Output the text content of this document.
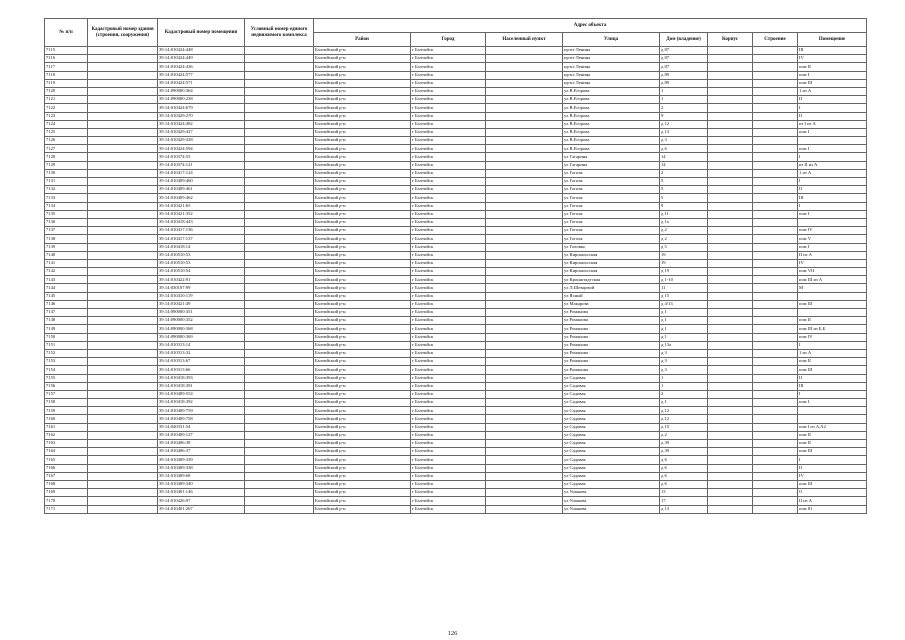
№ п/п	Кадастровый номер здания (строения, сооружения)	Кадастровый номер помещения	Условный номер единого недвижимого комплекса	Адрес объекта							
				Район	Город	Населенный пункт	Улица	Дом (владение)	Корпус	Строение	Помещение
7115		39:14:010424:448		Балтийский р-н	г Балтийск		пр-кт Ленина	д 87			III
7116		39:14:010424:449		Балтийский р-н	г Балтийск		пр-кт Ленина	д 87			IV
7117		39:14:010424:436		Балтийский р-н	г Балтийск		пр-кт Ленина	д 87			пом II
7118		39:14:010424:577		Балтийский р-н	г Балтийск		пр-кт Ленина	д 89			пом I
7119		39:14:010424:571		Балтийский р-н	г Балтийск		пр-кт Ленина	д 89			пом III
7120		39:14:090000:364		Балтийский р-н	г Балтийск		ул В.Егорова	1			1 из А
7121		39:14:090000:238		Балтийский р-н	г Балтийск		ул В.Егорова	1			II
7122		39:14:010424:679		Балтийский р-н	г Балтийск		ул В.Егорова	2			I
7123		39:14:010429:270		Балтийский р-н	г Балтийск		ул В.Егорова	9			II
7124		39:14:010424:482		Балтийский р-н	г Балтийск		ул В.Егорова	д 12			из I из А
7125		39:14:010429:427		Балтийский р-н	г Балтийск		ул В.Егорова	д 13			пом I
7126		39:14:010429:328		Балтийский р-н	г Балтийск		ул В.Егорова	д 3			
7127		39:14:010424:594		Балтийский р-н	г Балтийск		ул В.Егорова	д 6			пом I
7128		39:14:010374:55		Балтийский р-н	г Балтийск		ул Гагарина	14			I
7129		39:14:010374:121		Балтийский р-н	г Балтийск		ул Гагарина	14			из II из А
7130		39:14:010417:124		Балтийский р-н	г Балтийск		ул Гоголя	2			1 из А
7131		39:14:010409:460		Балтийский р-н	г Балтийск		ул Гоголя	5			I
7132		39:14:010409:461		Балтийский р-н	г Балтийск		ул Гоголя	5			II
7133		39:14:010409:462		Балтийский р-н	г Балтийск		ул Гоголя	5			III
7134		39:14:010421:65		Балтийский р-н	г Балтийск		ул Гоголя	9			I
7135		39:14:010421:352		Балтийский р-н	г Балтийск		ул Гоголя	д 11			пом I
7136		39:14:010418:443		Балтийский р-н	г Балтийск		ул Гоголя	д 1а			
7137		39:14:010417:136		Балтийский р-н	г Балтийск		ул Гоголя	д 2			пом IV
7138		39:14:010417:137		Балтийский р-н	г Балтийск		ул Гоголя	д 2			пом V
7139		39:14:010418:14		Балтийский р-н	г Балтийск		ул Головко	д 5			пом I
7140		39:14:010510:53		Балтийский р-н	г Балтийск		ул Кирпоносская	19			II из А
7141		39:14:010510:53		Балтийский р-н	г Балтийск		ул Кирпоносская	19			IV
7142		39:14:010510:54		Балтийский р-н	г Балтийск		ул Кирпоносская	д 19			пом VII
7143		39:14:010422:91		Балтийский р-н	г Балтийск		ул Кронштадтская	д 1-10			пом III из А
7144		39:14:030107:99		Балтийский р-н	г Балтийск		ул Л.Шевцовой	11			М
7145		39:14:010410:119		Балтийский р-н	г Балтийск		ул Ясный	д 15			
7146		39:14:010421:49		Балтийский р-н	г Балтийск		ул Макарова	д 4/13			пом III
7147		39:14:090000:351		Балтийский р-н	г Балтийск		ул Романова	д 1			
7148		39:14:090000:352		Балтийский р-н	г Балтийск		ул Романова	д 1			пом II
7149		39:14:090000:368		Балтийский р-н	г Балтийск		ул Романова	д 1			пом III из Б,Б
7150		39:14:090000:369		Балтийский р-н	г Балтийск		ул Романова	д 1			пом IV
7151		39:14:010313:14		Балтийский р-н	г Балтийск		ул Романова	д 13а			I
7152		39:14:010313:32		Балтийский р-н	г Балтийск		ул Романова	д 3			1 из А
7153		39:14:010313:67		Балтийский р-н	г Балтийск		ул Романова	д 3			пом II
7154		39:14:010313:66		Балтийский р-н	г Балтийск		ул Романова	д 3			пом III
7155		39:14:010418:393		Балтийский р-н	г Балтийск		ул Садовая	1			II
7156		39:14:010418:391		Балтийский р-н	г Балтийск		ул Садовая	1			III
7157		39:14:010409:554		Балтийский р-н	г Балтийск		ул Садовая	2			I
7158		39:14:010418:392		Балтийский р-н	г Балтийск		ул Садовая	д 1			пом I
7159		39:14:010409:759		Балтийский р-н	г Балтийск		ул Садовая	д 12			
7160		39:14:010409:758		Балтийский р-н	г Балтийск		ул Садовая	д 12			
7161		39:14:040331:54		Балтийский р-н	г Балтийск		ул Садовая	д 15			пом I из А,А2
7162		39:14:010409:127		Балтийский р-н	г Балтийск		ул Садовая	д 2			пом II
7163		39:14:010406:38		Балтийский р-н	г Балтийск		ул Садовая	д 39			пом II
7164		39:14:010406:37		Балтийский р-н	г Балтийск		ул Садовая	д 39			пом III
7165		39:14:010409:339		Балтийский р-н	г Балтийск		ул Садовая	д 6			I
7166		39:14:010409:338		Балтийский р-н	г Балтийск		ул Садовая	д 6			II
7167		39:14:010409:68		Балтийский р-н	г Балтийск		ул Садовая	д 6			IV
7168		39:14:010409:340		Балтийский р-н	г Балтийск		ул Садовая	д 6			пом III
7169		39:14:010401:146		Балтийский р-н	г Балтийск		ул Ушакова	13			О
7170		39:14:010426:97		Балтийский р-н	г Балтийск		ул Ушакова	17			II из А
7171		39:14:010401:267		Балтийский р-н	г Балтийск		ул Ушакова	д 13			пом 81
126
